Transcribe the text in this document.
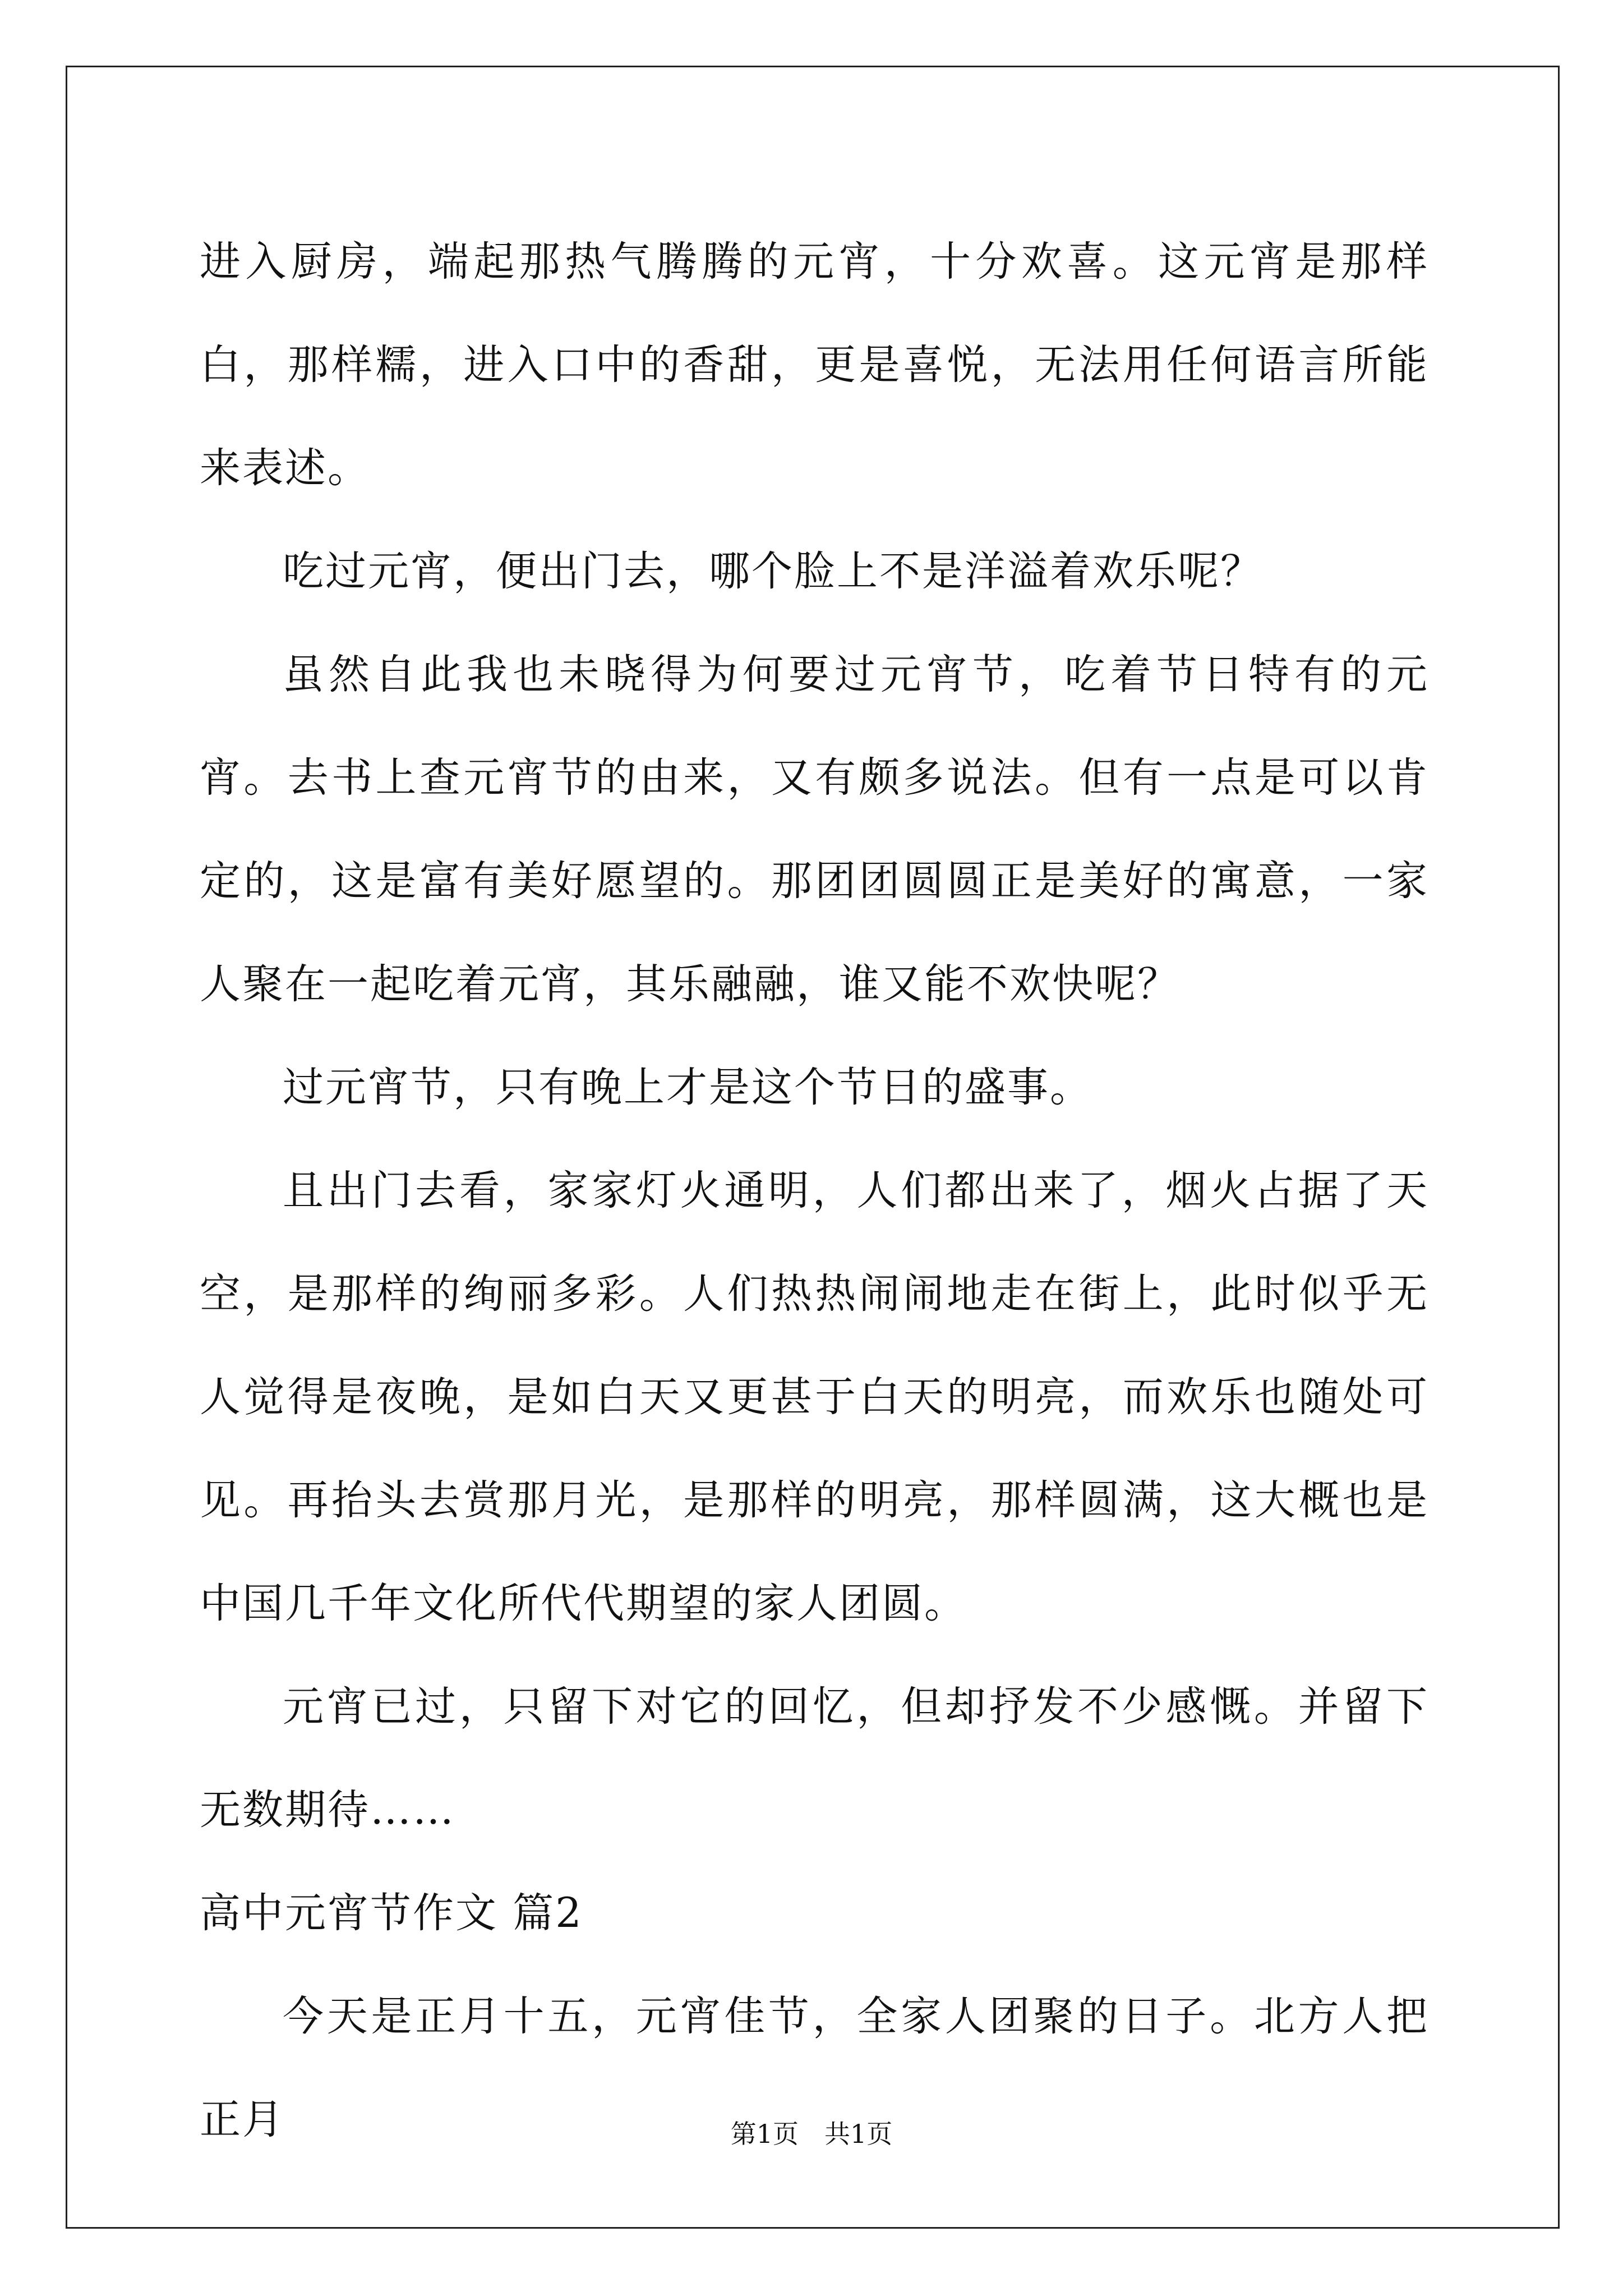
进入厨房，端起那热气腾腾的元宵，十分欢喜。这元宵是那样白，那样糯，进入口中的香甜，更是喜悦，无法用任何语言所能来表述。

吃过元宵，便出门去，哪个脸上不是洋溢着欢乐呢？

虽然自此我也未晓得为何要过元宵节，吃着节日特有的元宵。去书上查元宵节的由来，又有颇多说法。但有一点是可以肯定的，这是富有美好愿望的。那团团圆圆正是美好的寓意，一家人聚在一起吃着元宵，其乐融融，谁又能不欢快呢？

过元宵节，只有晚上才是这个节日的盛事。

且出门去看，家家灯火通明，人们都出来了，烟火占据了天空，是那样的绚丽多彩。人们热热闹闹地走在街上，此时似乎无人觉得是夜晚，是如白天又更甚于白天的明亮，而欢乐也随处可见。再抬头去赏那月光，是那样的明亮，那样圆满，这大概也是中国几千年文化所代代期望的家人团圆。

元宵已过，只留下对它的回忆，但却抒发不少感慨。并留下无数期待……

高中元宵节作文 篇2

今天是正月十五，元宵佳节，全家人团聚的日子。北方人把正月	第1页　共1页
